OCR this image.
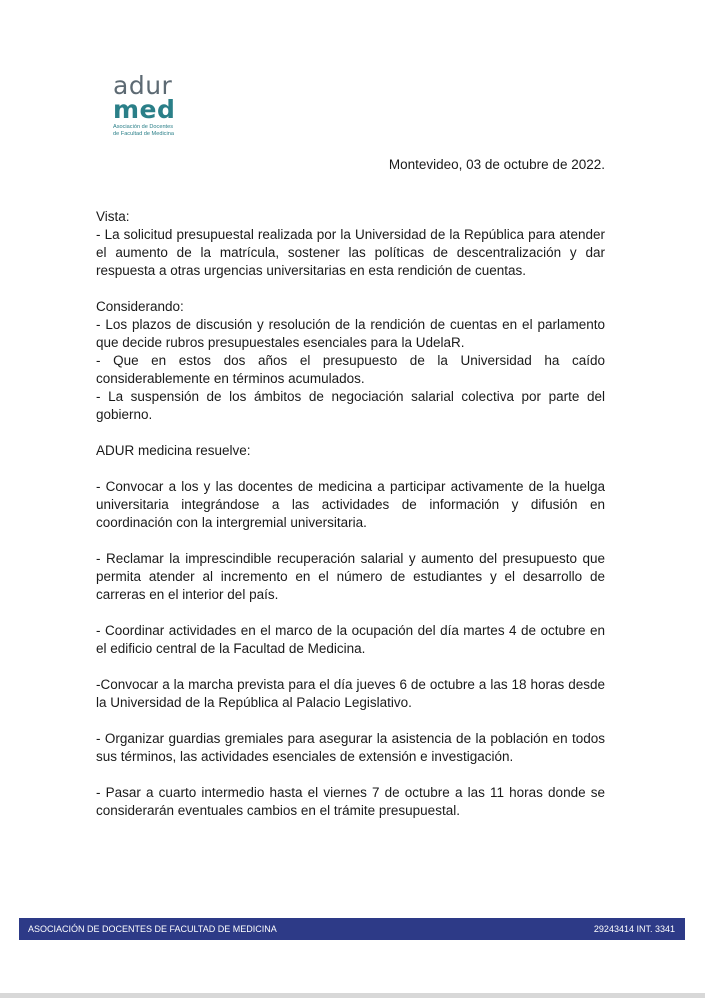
adur
med
Asociación de Docentes
de Facultad de Medicina
Montevideo, 03 de octubre de 2022.

Vista:

- La solicitud presupuestal realizada por la Universidad de la República para atender el aumento de la matrícula, sostener las políticas de descentralización y dar respuesta a otras urgencias universitarias en esta rendición de cuentas.

Considerando:

- Los plazos de discusión y resolución de la rendición de cuentas en el parlamento que decide rubros presupuestales esenciales para la UdelaR.

- Que en estos dos años el presupuesto de la Universidad ha caído considerablemente en términos acumulados.

- La suspensión de los ámbitos de negociación salarial colectiva por parte del gobierno.

ADUR medicina resuelve:

- Convocar a los y las docentes de medicina a participar activamente de la huelga universitaria integrándose a las actividades de información y difusión en coordinación con la intergremial universitaria.

- Reclamar la imprescindible recuperación salarial y aumento del presupuesto que permita atender al incremento en el número de estudiantes y el desarrollo de carreras en el interior del país.

- Coordinar actividades en el marco de la ocupación del día martes 4 de octubre en el edificio central de la Facultad de Medicina.

-Convocar a la marcha prevista para el día jueves 6 de octubre a las 18 horas desde la Universidad de la República al Palacio Legislativo.

- Organizar guardias gremiales para asegurar la asistencia de la población en todos sus términos, las actividades esenciales de extensión e investigación.

- Pasar a cuarto intermedio hasta el viernes 7 de octubre a las 11 horas donde se considerarán eventuales cambios en el trámite presupuestal.

ASOCIACIÓN DE DOCENTES DE FACULTAD DE MEDICINA	29243414 INT. 3341
